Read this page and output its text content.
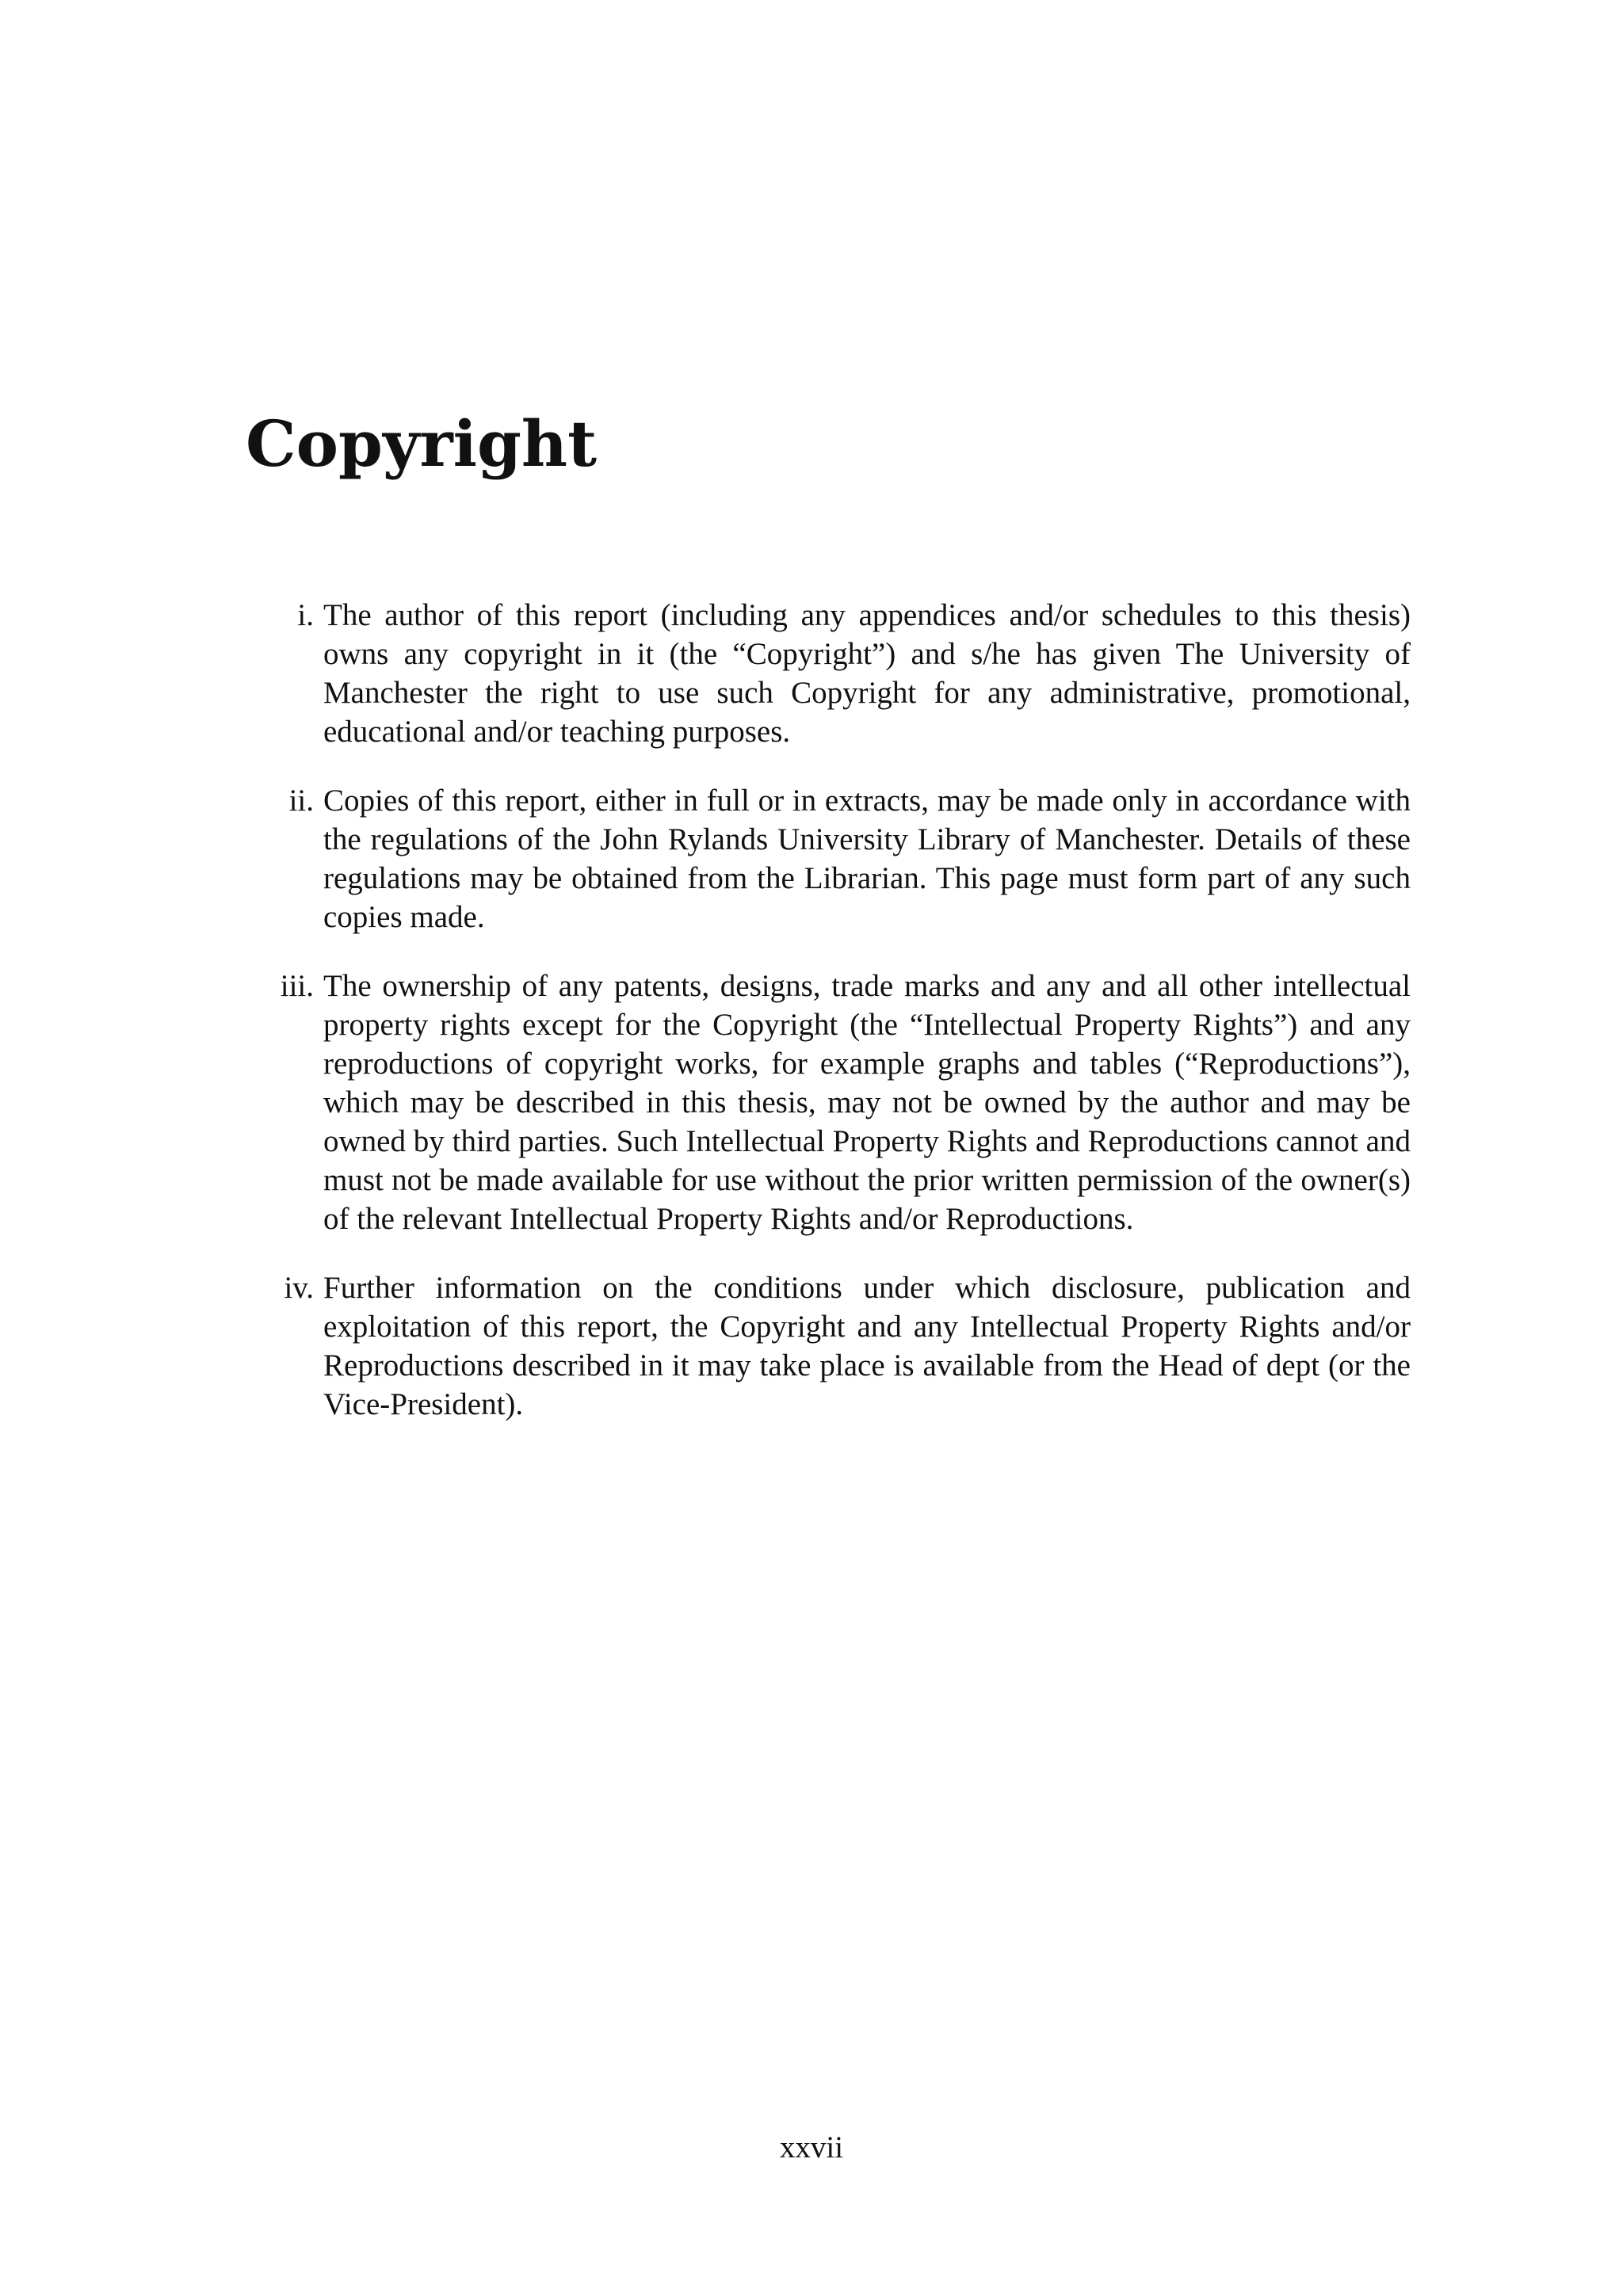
Copyright
i. The author of this report (including any appendices and/or schedules to this thesis) owns any copyright in it (the “Copyright”) and s/he has given The University of Manchester the right to use such Copyright for any administrative, promotional, educational and/or teaching purposes.
ii. Copies of this report, either in full or in extracts, may be made only in accordance with the regulations of the John Rylands University Library of Manchester. Details of these regulations may be obtained from the Librarian. This page must form part of any such copies made.
iii. The ownership of any patents, designs, trade marks and any and all other intellectual property rights except for the Copyright (the “Intellectual Property Rights”) and any reproductions of copyright works, for example graphs and tables (“Reproductions”), which may be described in this thesis, may not be owned by the author and may be owned by third parties. Such Intellectual Property Rights and Reproductions cannot and must not be made available for use without the prior written permission of the owner(s) of the relevant Intellectual Property Rights and/or Reproductions.
iv. Further information on the conditions under which disclosure, publication and exploitation of this report, the Copyright and any Intellectual Property Rights and/or Reproductions described in it may take place is available from the Head of dept (or the Vice-President).
xxvii
